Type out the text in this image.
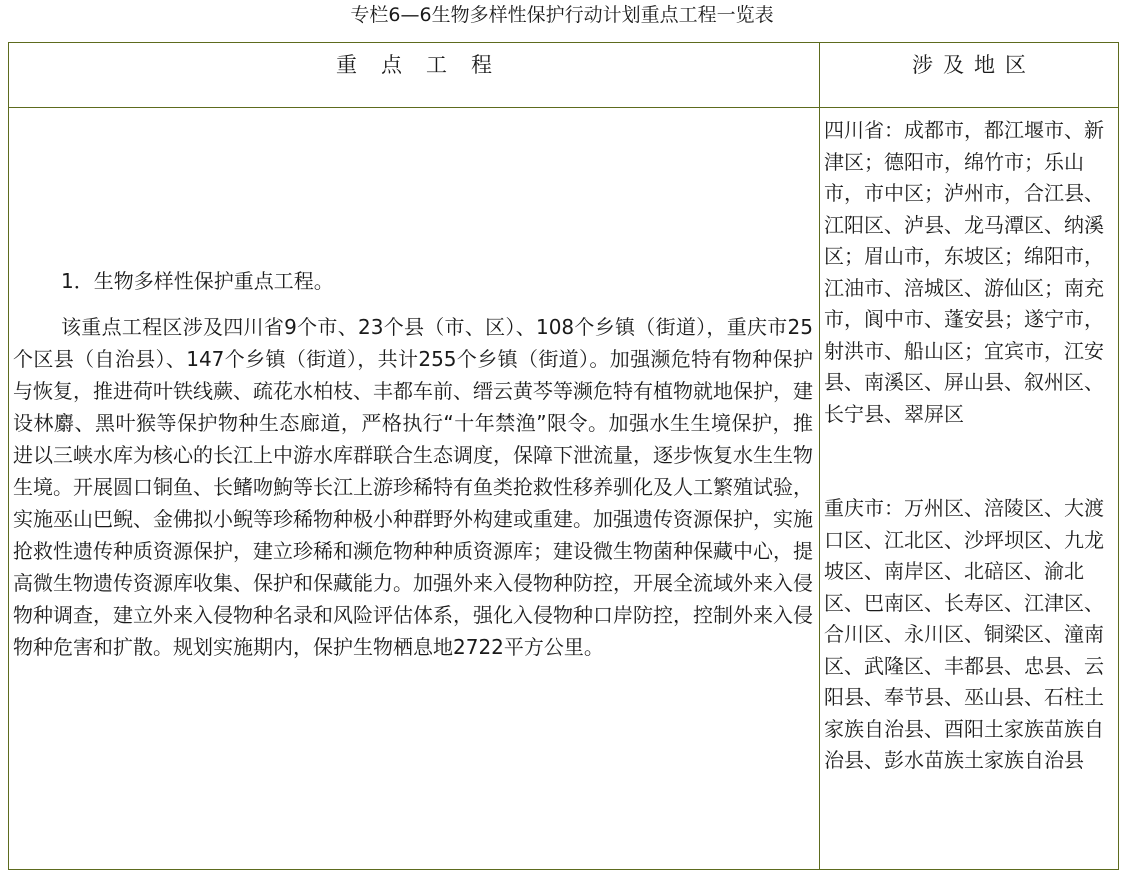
专栏6—6生物多样性保护行动计划重点工程一览表
重点工程	涉及地区

1．生物多样性保护重点工程。

该重点工程区涉及四川省9个市、23个县（市、区）、108个乡镇（街道），重庆市25个区县（自治县）、147个乡镇（街道），共计255个乡镇（街道）。加强濒危特有物种保护与恢复，推进荷叶铁线蕨、疏花水柏枝、丰都车前、缙云黄芩等濒危特有植物就地保护，建设林麝、黑叶猴等保护物种生态廊道，严格执行“十年禁渔”限令。加强水生生境保护，推进以三峡水库为核心的长江上中游水库群联合生态调度，保障下泄流量，逐步恢复水生生物生境。开展圆口铜鱼、长鳍吻鮈等长江上游珍稀特有鱼类抢救性移养驯化及人工繁殖试验，实施巫山巴鲵、金佛拟小鲵等珍稀物种极小种群野外构建或重建。加强遗传资源保护，实施抢救性遗传种质资源保护，建立珍稀和濒危物种种质资源库；建设微生物菌种保藏中心，提高微生物遗传资源库收集、保护和保藏能力。加强外来入侵物种防控，开展全流域外来入侵物种调查，建立外来入侵物种名录和风险评估体系，强化入侵物种口岸防控，控制外来入侵物种危害和扩散。规划实施期内，保护生物栖息地2722平方公里。

四川省：成都市，都江堰市、新津区；德阳市，绵竹市；乐山市，市中区；泸州市，合江县、江阳区、泸县、龙马潭区、纳溪区；眉山市，东坡区；绵阳市，江油市、涪城区、游仙区；南充市，阆中市、蓬安县；遂宁市，射洪市、船山区；宜宾市，江安县、南溪区、屏山县、叙州区、长宁县、翠屏区

重庆市：万州区、涪陵区、大渡口区、江北区、沙坪坝区、九龙坡区、南岸区、北碚区、渝北区、巴南区、长寿区、江津区、合川区、永川区、铜梁区、潼南区、武隆区、丰都县、忠县、云阳县、奉节县、巫山县、石柱土家族自治县、酉阳土家族苗族自治县、彭水苗族土家族自治县
